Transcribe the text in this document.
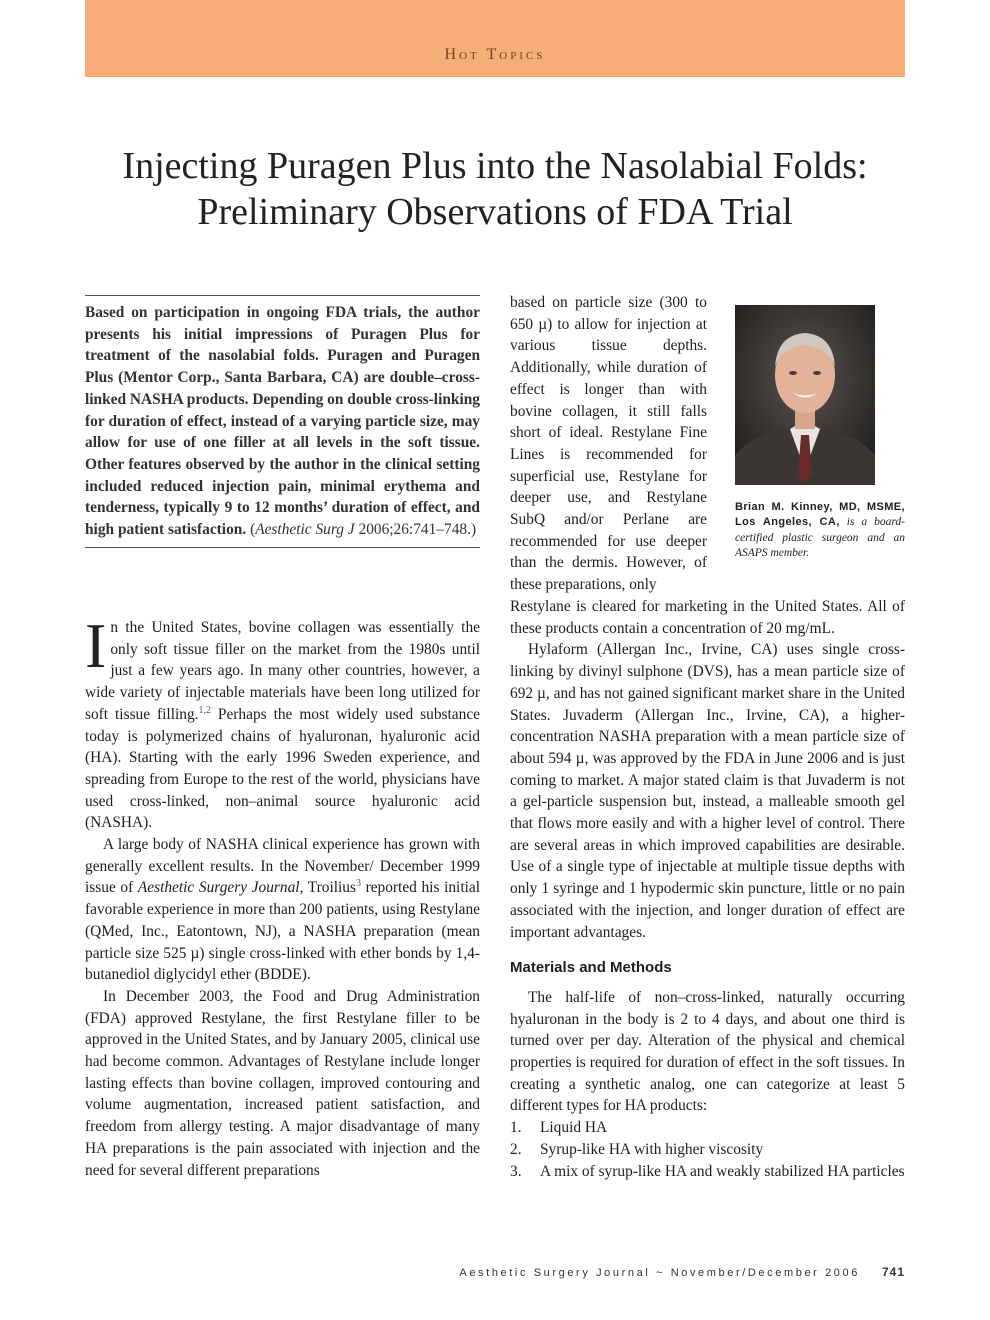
Hot Topics
Injecting Puragen Plus into the Nasolabial Folds:
Preliminary Observations of FDA Trial

Based on participation in ongoing FDA trials, the author presents his initial impressions of Puragen Plus for treatment of the nasolabial folds. Puragen and Puragen Plus (Mentor Corp., Santa Barbara, CA) are double–cross-linked NASHA products. Depending on double cross-linking for duration of effect, instead of a varying particle size, may allow for use of one filler at all levels in the soft tissue. Other features observed by the author in the clinical setting included reduced injection pain, minimal erythema and tenderness, typically 9 to 12 months’ duration of effect, and high patient satisfaction. (Aesthetic Surg J 2006;26:741–748.)

In the United States, bovine collagen was essentially the only soft tissue filler on the market from the 1980s until just a few years ago. In many other countries, however, a wide variety of injectable materials have been long utilized for soft tissue filling.$^{1,2}$ Perhaps the most widely used substance today is polymerized chains of hyaluronan, hyaluronic acid (HA). Starting with the early 1996 Sweden experience, and spreading from Europe to the rest of the world, physicians have used cross-linked, non–animal source hyaluronic acid (NASHA).

A large body of NASHA clinical experience has grown with generally excellent results. In the November/ December 1999 issue of Aesthetic Surgery Journal, Troilius$^3$ reported his initial favorable experience in more than 200 patients, using Restylane (QMed, Inc., Eatontown, NJ), a NASHA preparation (mean particle size 525 µ) single cross-linked with ether bonds by 1,4-butanediol diglycidyl ether (BDDE).

In December 2003, the Food and Drug Administration (FDA) approved Restylane, the first Restylane filler to be approved in the United States, and by January 2005, clinical use had become common. Advantages of Restylane include longer lasting effects than bovine collagen, improved contouring and volume augmentation, increased patient satisfaction, and freedom from allergy testing. A major disadvantage of many HA preparations is the pain associated with injection and the need for several different preparations

based on particle size (300 to 650 µ) to allow for injection at various tissue depths. Additionally, while duration of effect is longer than with bovine collagen, it still falls short of ideal. Restylane Fine Lines is recommended for superficial use, Restylane for deeper use, and Restylane SubQ and/or Perlane are recommended for use deeper than the dermis. However, of these preparations, only

Brian M. Kinney, MD, MSME, Los Angeles, CA, is a board-certified plastic surgeon and an ASAPS member.

Restylane is cleared for marketing in the United States. All of these products contain a concentration of 20 mg/mL.

Hylaform (Allergan Inc., Irvine, CA) uses single cross-linking by divinyl sulphone (DVS), has a mean particle size of 692 µ, and has not gained significant market share in the United States. Juvaderm (Allergan Inc., Irvine, CA), a higher-concentration NASHA preparation with a mean particle size of about 594 µ, was approved by the FDA in June 2006 and is just coming to market. A major stated claim is that Juvaderm is not a gel-particle suspension but, instead, a malleable smooth gel that flows more easily and with a higher level of control. There are several areas in which improved capabilities are desirable. Use of a single type of injectable at multiple tissue depths with only 1 syringe and 1 hypodermic skin puncture, little or no pain associated with the injection, and longer duration of effect are important advantages.

Materials and Methods

The half-life of non–cross-linked, naturally occurring hyaluronan in the body is 2 to 4 days, and about one third is turned over per day. Alteration of the physical and chemical properties is required for duration of effect in the soft tissues. In creating a synthetic analog, one can categorize at least 5 different types for HA products:

1. Liquid HA
2. Syrup-like HA with higher viscosity
3. A mix of syrup-like HA and weakly stabilized HA particles
Aesthetic Surgery Journal ~ November/December 2006 741
